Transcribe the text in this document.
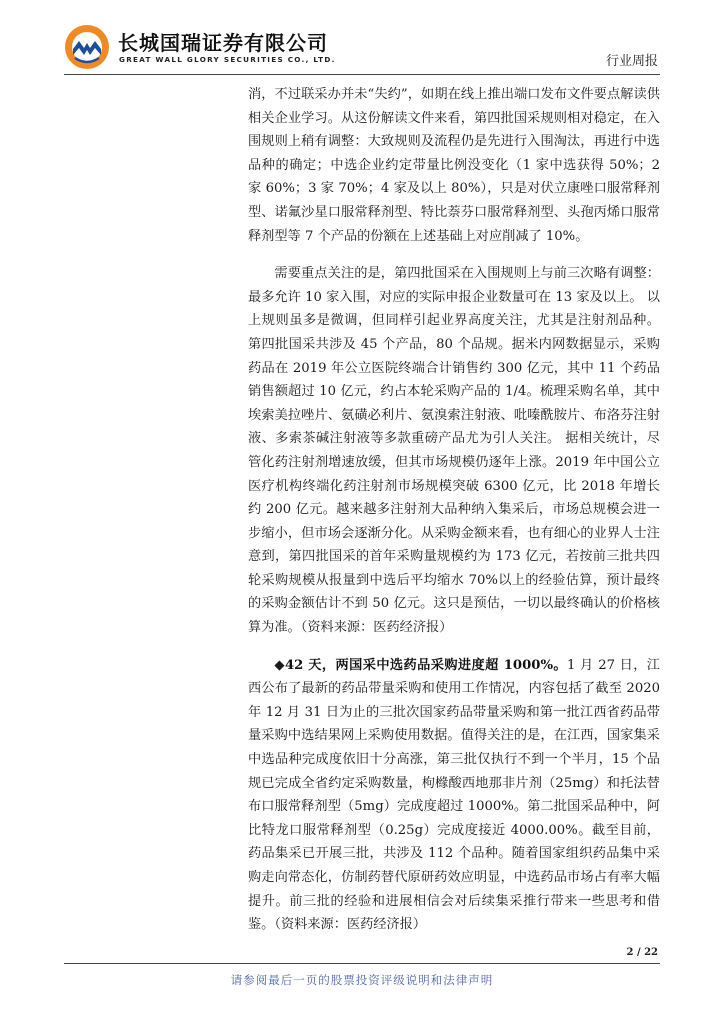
长城国瑞证券有限公司
GREAT WALL GLORY SECURITIES CO., LTD.	行业周报

消，不过联采办并未“失约”，如期在线上推出端口发布文件要点解读供相关企业学习。从这份解读文件来看，第四批国采规则相对稳定，在入围规则上稍有调整：大致规则及流程仍是先进行入围淘汰，再进行中选品种的确定；中选企业约定带量比例没变化（1 家中选获得 50%；2 家 60%；3 家 70%；4 家及以上 80%），只是对伏立康唑口服常释剂型、诺氟沙星口服常释剂型、特比萘芬口服常释剂型、头孢丙烯口服常释剂型等 7 个产品的份额在上述基础上对应削减了 10%。

需要重点关注的是，第四批国采在入围规则上与前三次略有调整：最多允许 10 家入围，对应的实际申报企业数量可在 13 家及以上。 以上规则虽多是微调，但同样引起业界高度关注，尤其是注射剂品种。 第四批国采共涉及 45 个产品，80 个品规。据米内网数据显示，采购药品在 2019 年公立医院终端合计销售约 300 亿元，其中 11 个药品销售额超过 10 亿元，约占本轮采购产品的 1/4。梳理采购名单，其中埃索美拉唑片、氨磺必利片、氨溴索注射液、吡嗪酰胺片、布洛芬注射液、多索茶碱注射液等多款重磅产品尤为引人关注。 据相关统计，尽管化药注射剂增速放缓，但其市场规模仍逐年上涨。2019 年中国公立医疗机构终端化药注射剂市场规模突破 6300 亿元，比 2018 年增长约 200 亿元。越来越多注射剂大品种纳入集采后，市场总规模会进一步缩小，但市场会逐渐分化。从采购金额来看，也有细心的业界人士注意到，第四批国采的首年采购量规模约为 173 亿元，若按前三批共四轮采购规模从报量到中选后平均缩水 70%以上的经验估算，预计最终的采购金额估计不到 50 亿元。这只是预估，一切以最终确认的价格核算为准。（资料来源：医药经济报）

◆42 天，两国采中选药品采购进度超 1000%。1 月 27 日，江西公布了最新的药品带量采购和使用工作情况，内容包括了截至 2020 年 12 月 31 日为止的三批次国家药品带量采购和第一批江西省药品带量采购中选结果网上采购使用数据。值得关注的是，在江西，国家集采中选品种完成度依旧十分高涨，第三批仅执行不到一个半月，15 个品规已完成全省约定采购数量，枸橼酸西地那非片剂（25mg）和托法替布口服常释剂型（5mg）完成度超过 1000%。第二批国采品种中，阿比特龙口服常释剂型（0.25g）完成度接近 4000.00%。截至目前，药品集采已开展三批，共涉及 112 个品种。随着国家组织药品集中采购走向常态化，仿制药替代原研药效应明显，中选药品市场占有率大幅提升。前三批的经验和进展相信会对后续集采推行带来一些思考和借鉴。（资料来源：医药经济报）

2 / 22
请参阅最后一页的股票投资评级说明和法律声明
